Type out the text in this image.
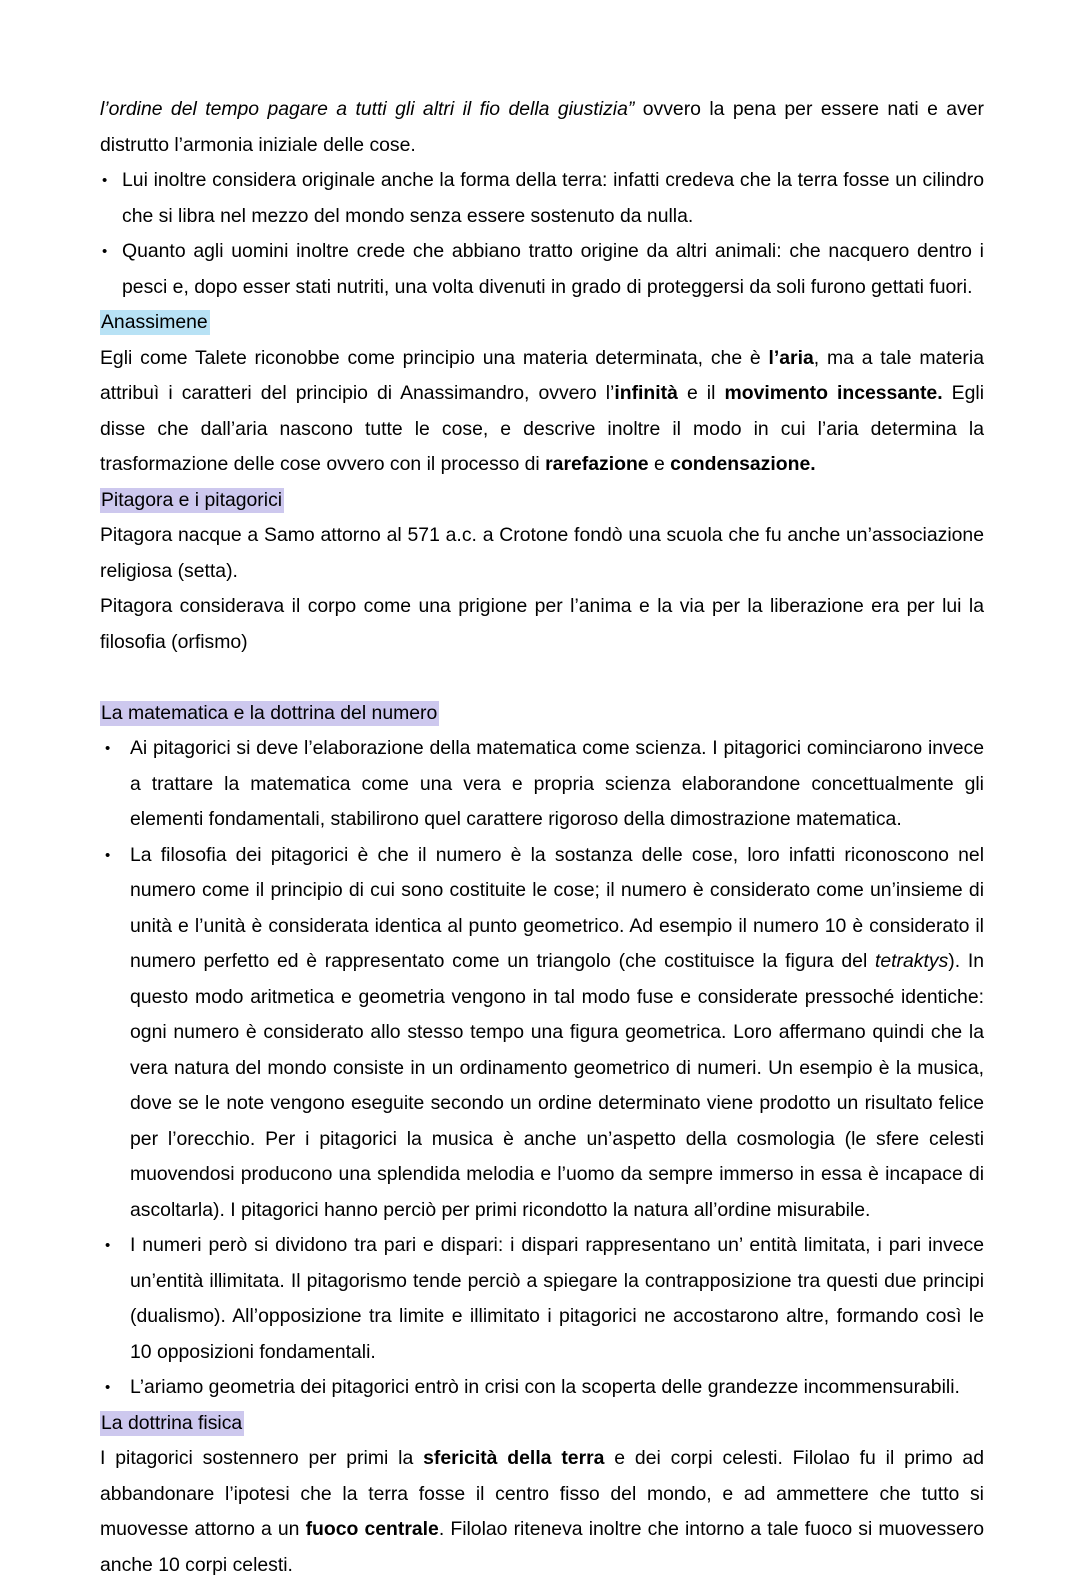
l’ordine del tempo pagare a tutti gli altri il fio della giustizia” ovvero la pena per essere nati e aver distrutto l’armonia iniziale delle cose.

• Lui inoltre considera originale anche la forma della terra: infatti credeva che la terra fosse un cilindro che si libra nel mezzo del mondo senza essere sostenuto da nulla.
• Quanto agli uomini inoltre crede che abbiano tratto origine da altri animali: che nacquero dentro i pesci e, dopo esser stati nutriti, una volta divenuti in grado di proteggersi da soli furono gettati fuori.

Anassimene

Egli come Talete riconobbe come principio una materia determinata, che è l’aria, ma a tale materia attribuì i caratteri del principio di Anassimandro, ovvero l’infinità e il movimento incessante. Egli disse che dall’aria nascono tutte le cose, e descrive inoltre il modo in cui l’aria determina la trasformazione delle cose ovvero con il processo di rarefazione e condensazione.

Pitagora e i pitagorici

Pitagora nacque a Samo attorno al 571 a.c. a Crotone fondò una scuola che fu anche un’associazione religiosa (setta).

Pitagora considerava il corpo come una prigione per l’anima e la via per la liberazione era per lui la filosofia (orfismo)

La matematica e la dottrina del numero

•	Ai pitagorici si deve l’elaborazione della matematica come scienza. I pitagorici cominciarono invece a trattare la matematica come una vera e propria scienza elaborandone concettualmente gli elementi fondamentali, stabilirono quel carattere rigoroso della dimostrazione matematica.
•	La filosofia dei pitagorici è che il numero è la sostanza delle cose, loro infatti riconoscono nel numero come il principio di cui sono costituite le cose; il numero è considerato come un’insieme di unità e l’unità è considerata identica al punto geometrico. Ad esempio il numero 10 è considerato il numero perfetto ed è rappresentato come un triangolo (che costituisce la figura del tetraktys). In questo modo aritmetica e geometria vengono in tal modo fuse e considerate pressoché identiche: ogni numero è considerato allo stesso tempo una figura geometrica. Loro affermano quindi che la vera natura del mondo consiste in un ordinamento geometrico di numeri. Un esempio è la musica, dove se le note vengono eseguite secondo un ordine determinato viene prodotto un risultato felice per l’orecchio. Per i pitagorici la musica è anche un’aspetto della cosmologia (le sfere celesti muovendosi producono una splendida melodia e l’uomo da sempre immerso in essa è incapace di ascoltarla). I pitagorici hanno perciò per primi ricondotto la natura all’ordine misurabile.
•	I numeri però si dividono tra pari e dispari: i dispari rappresentano un’ entità limitata, i pari invece un’entità illimitata. Il pitagorismo tende perciò a spiegare la contrapposizione tra questi due principi (dualismo). All’opposizione tra limite e illimitato i pitagorici ne accostarono altre, formando così le 10 opposizioni fondamentali.
•	L’ariamo geometria dei pitagorici entrò in crisi con la scoperta delle grandezze incommensurabili.

La dottrina fisica

I pitagorici sostennero per primi la sfericità della terra e dei corpi celesti. Filolao fu il primo ad abbandonare l’ipotesi che la terra fosse il centro fisso del mondo, e ad ammettere che tutto si muovesse attorno a un fuoco centrale. Filolao riteneva inoltre che intorno a tale fuoco si muovessero anche 10 corpi celesti.
